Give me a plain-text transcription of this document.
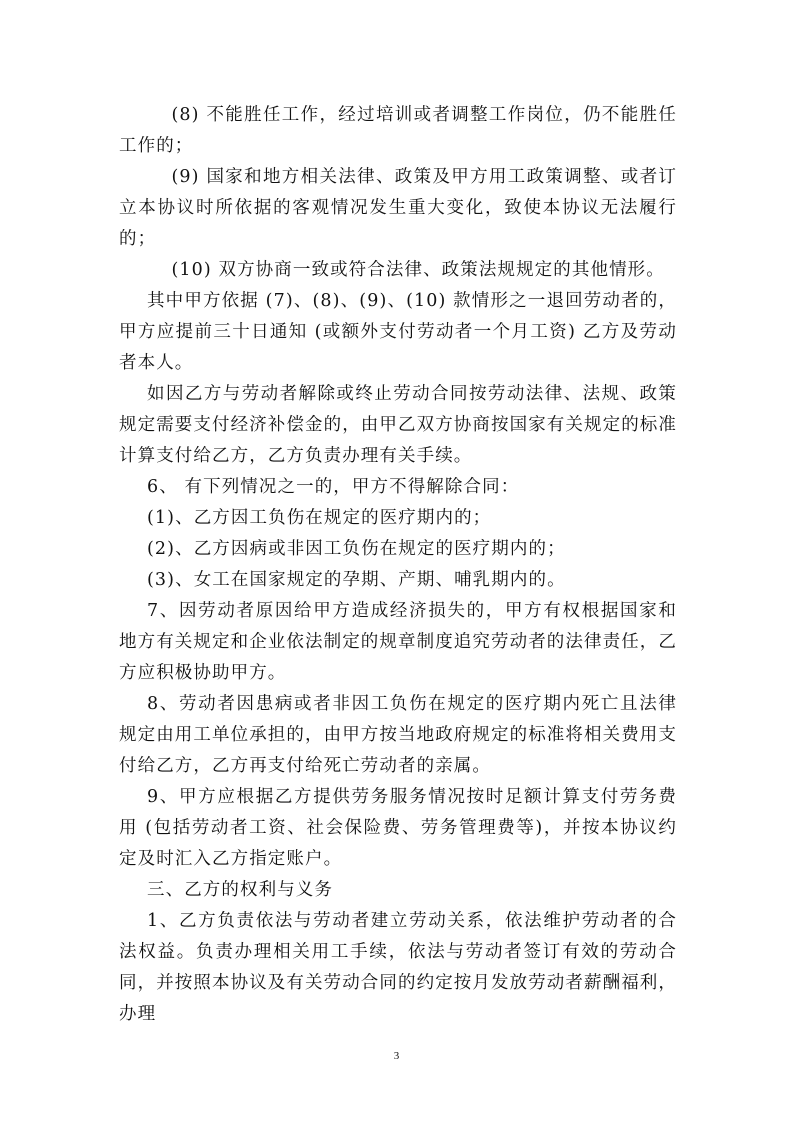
(8) 不能胜任工作，经过培训或者调整工作岗位，仍不能胜任工作的；

(9) 国家和地方相关法律、政策及甲方用工政策调整、或者订立本协议时所依据的客观情况发生重大变化，致使本协议无法履行的；

(10) 双方协商一致或符合法律、政策法规规定的其他情形。

其中甲方依据 (7)、(8)、(9)、(10) 款情形之一退回劳动者的，甲方应提前三十日通知 (或额外支付劳动者一个月工资) 乙方及劳动者本人。

如因乙方与劳动者解除或终止劳动合同按劳动法律、法规、政策规定需要支付经济补偿金的，由甲乙双方协商按国家有关规定的标准计算支付给乙方，乙方负责办理有关手续。

6、 有下列情况之一的，甲方不得解除合同：

(1)、乙方因工负伤在规定的医疗期内的；

(2)、乙方因病或非因工负伤在规定的医疗期内的；

(3)、女工在国家规定的孕期、产期、哺乳期内的。

7、因劳动者原因给甲方造成经济损失的，甲方有权根据国家和地方有关规定和企业依法制定的规章制度追究劳动者的法律责任，乙方应积极协助甲方。

8、劳动者因患病或者非因工负伤在规定的医疗期内死亡且法律规定由用工单位承担的，由甲方按当地政府规定的标准将相关费用支付给乙方，乙方再支付给死亡劳动者的亲属。

9、甲方应根据乙方提供劳务服务情况按时足额计算支付劳务费用 (包括劳动者工资、社会保险费、劳务管理费等)，并按本协议约定及时汇入乙方指定账户。

三、乙方的权利与义务

1、乙方负责依法与劳动者建立劳动关系，依法维护劳动者的合法权益。负责办理相关用工手续，依法与劳动者签订有效的劳动合同，并按照本协议及有关劳动合同的约定按月发放劳动者薪酬福利，办理

3
